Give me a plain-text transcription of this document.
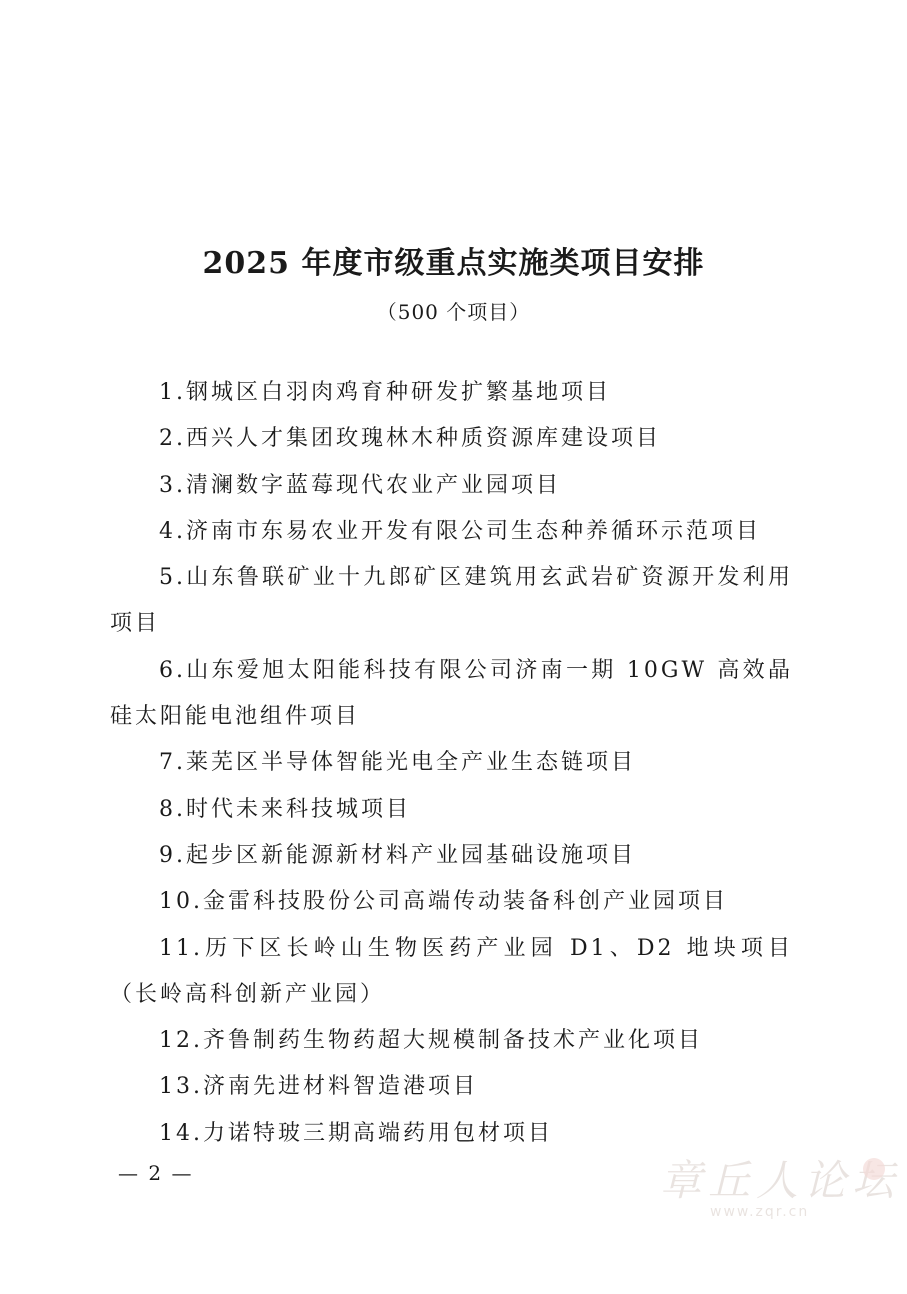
2025 年度市级重点实施类项目安排
（500 个项目）
1.钢城区白羽肉鸡育种研发扩繁基地项目
2.西兴人才集团玫瑰林木种质资源库建设项目
3.清澜数字蓝莓现代农业产业园项目
4.济南市东易农业开发有限公司生态种养循环示范项目
5.山东鲁联矿业十九郎矿区建筑用玄武岩矿资源开发利用项目
6.山东爱旭太阳能科技有限公司济南一期 10GW 高效晶硅太阳能电池组件项目
7.莱芜区半导体智能光电全产业生态链项目
8.时代未来科技城项目
9.起步区新能源新材料产业园基础设施项目
10.金雷科技股份公司高端传动装备科创产业园项目
11.历下区长岭山生物医药产业园 D1、D2 地块项目（长岭高科创新产业园）
12.齐鲁制药生物药超大规模制备技术产业化项目
13.济南先进材料智造港项目
14.力诺特玻三期高端药用包材项目
— 2 —	章丘人论坛
www.zqr.cn
